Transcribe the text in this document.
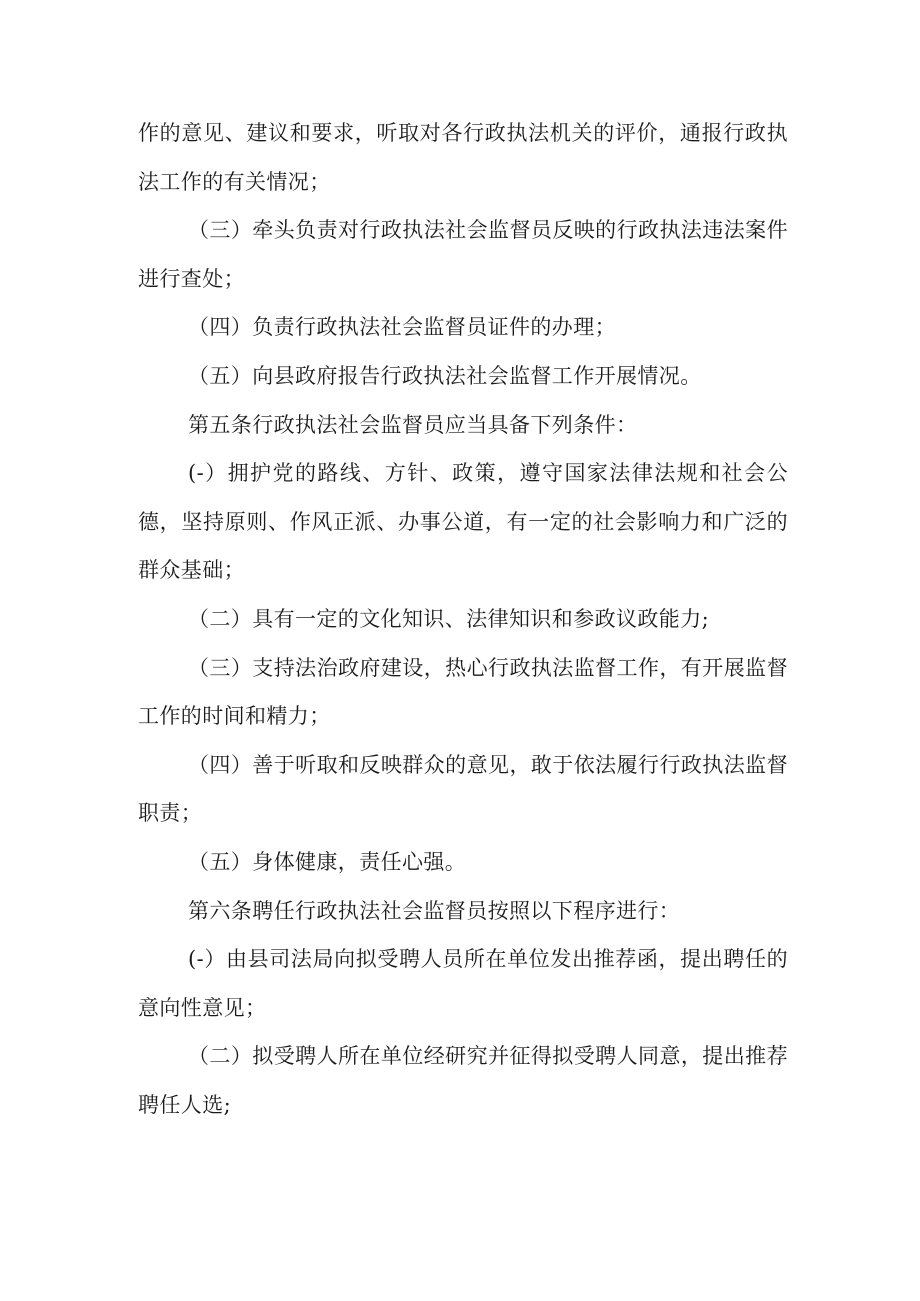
作的意见、建议和要求，听取对各行政执法机关的评价，通报行政执法工作的有关情况；

（三）牵头负责对行政执法社会监督员反映的行政执法违法案件进行查处；

（四）负责行政执法社会监督员证件的办理；

（五）向县政府报告行政执法社会监督工作开展情况。

第五条行政执法社会监督员应当具备下列条件：

(-）拥护党的路线、方针、政策，遵守国家法律法规和社会公德，坚持原则、作风正派、办事公道，有一定的社会影响力和广泛的群众基础；

（二）具有一定的文化知识、法律知识和参政议政能力;

（三）支持法治政府建设，热心行政执法监督工作，有开展监督工作的时间和精力；

（四）善于听取和反映群众的意见，敢于依法履行行政执法监督职责；

（五）身体健康，责任心强。

第六条聘任行政执法社会监督员按照以下程序进行：

(-）由县司法局向拟受聘人员所在单位发出推荐函，提出聘任的意向性意见；

（二）拟受聘人所在单位经研究并征得拟受聘人同意，提出推荐聘任人选;
